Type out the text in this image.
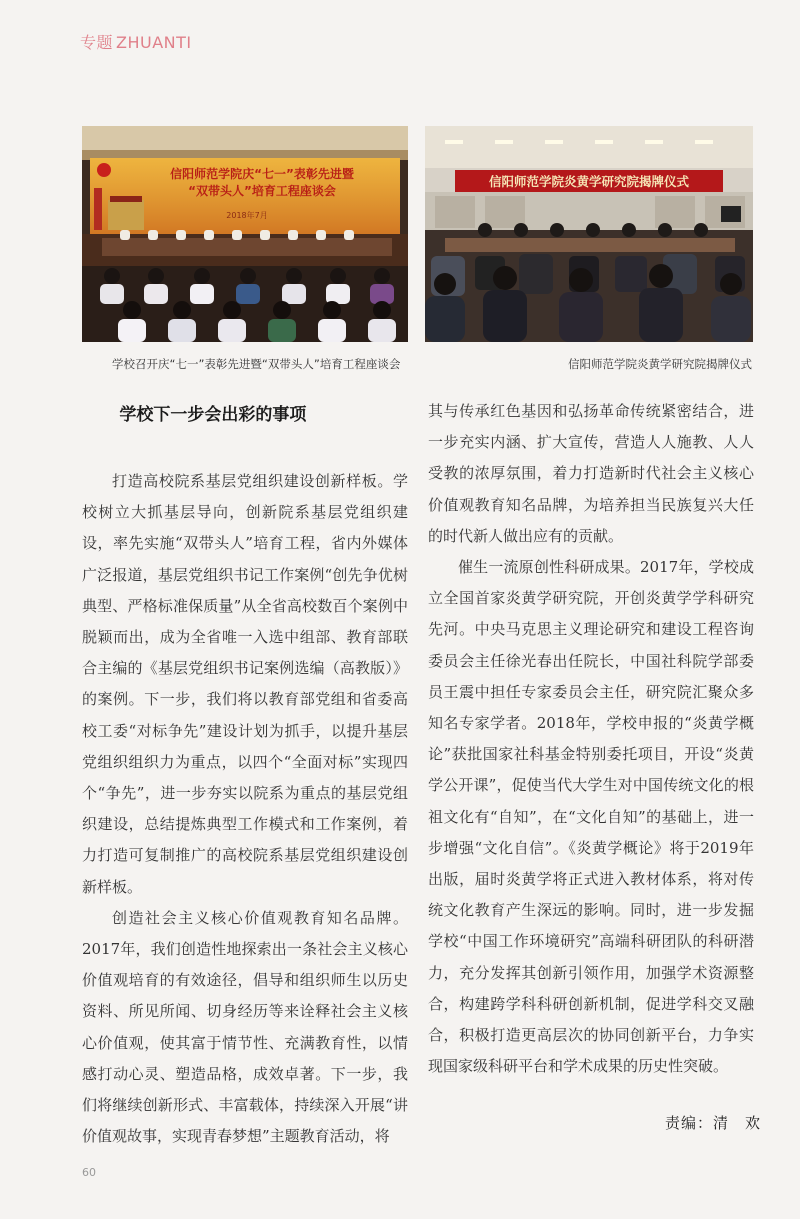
专题 ZHUANTI
信阳师范学院庆“七一”表彰先进暨
“双带头人”培育工程座谈会
2018年7月
信阳师范学院炎黄学研究院揭牌仪式
学校召开庆“七一”表彰先进暨“双带头人”培育工程座谈会	信阳师范学院炎黄学研究院揭牌仪式
学校下一步会出彩的事项

打造高校院系基层党组织建设创新样板。学校树立大抓基层导向，创新院系基层党组织建设，率先实施“双带头人”培育工程，省内外媒体广泛报道，基层党组织书记工作案例“创先争优树典型、严格标准保质量”从全省高校数百个案例中脱颖而出，成为全省唯一入选中组部、教育部联合主编的《基层党组织书记案例选编（高教版）》的案例。下一步，我们将以教育部党组和省委高校工委“对标争先”建设计划为抓手，以提升基层党组织组织力为重点，以四个“全面对标”实现四个“争先”，进一步夯实以院系为重点的基层党组织建设，总结提炼典型工作模式和工作案例，着力打造可复制推广的高校院系基层党组织建设创新样板。

创造社会主义核心价值观教育知名品牌。2017年，我们创造性地探索出一条社会主义核心价值观培育的有效途径，倡导和组织师生以历史资料、所见所闻、切身经历等来诠释社会主义核心价值观，使其富于情节性、充满教育性，以情感打动心灵、塑造品格，成效卓著。下一步，我们将继续创新形式、丰富载体，持续深入开展“讲价值观故事，实现青春梦想”主题教育活动，将

其与传承红色基因和弘扬革命传统紧密结合，进一步充实内涵、扩大宣传，营造人人施教、人人受教的浓厚氛围，着力打造新时代社会主义核心价值观教育知名品牌，为培养担当民族复兴大任的时代新人做出应有的贡献。

催生一流原创性科研成果。2017年，学校成立全国首家炎黄学研究院，开创炎黄学学科研究先河。中央马克思主义理论研究和建设工程咨询委员会主任徐光春出任院长，中国社科院学部委员王震中担任专家委员会主任，研究院汇聚众多知名专家学者。2018年，学校申报的“炎黄学概论”获批国家社科基金特别委托项目，开设“炎黄学公开课”，促使当代大学生对中国传统文化的根祖文化有“自知”，在“文化自知”的基础上，进一步增强“文化自信”。《炎黄学概论》将于2019年出版，届时炎黄学将正式进入教材体系，将对传统文化教育产生深远的影响。同时，进一步发掘学校“中国工作环境研究”高端科研团队的科研潜力，充分发挥其创新引领作用，加强学术资源整合，构建跨学科科研创新机制，促进学科交叉融合，积极打造更高层次的协同创新平台，力争实现国家级科研平台和学术成果的历史性突破。

责编：清　欢
60
